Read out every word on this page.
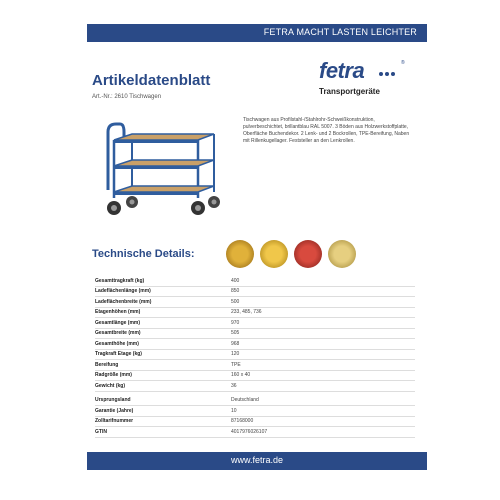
FETRA MACHT LASTEN LEICHTER
Artikeldatenblatt
Art.-Nr.: 2610 Tischwagen
fetra	®
Transportgeräte
Tischwagen aus Profilstahl-/Stahlrohr-Schweißkonstruktion, pulverbeschichtet, brillantblau RAL 5007. 3 Böden aus Holzwerkstoffplatte, Oberfläche Buchendekor. 2 Lenk- und 2 Bockrollen, TPE-Bereifung, Naben mit Rillenkugellager. Feststeller an den Lenkrollen.
Technische Details:
Gesamttragkraft (kg)	400
Ladeflächenlänge (mm)	850
Ladeflächenbreite (mm)	500
Etagenhöhen (mm)	233, 485, 736
Gesamtlänge (mm)	970
Gesamtbreite (mm)	505
Gesamthöhe (mm)	968
Tragkraft Etage (kg)	120
Bereifung	TPE
Radgröße (mm)	160 x 40
Gewicht (kg)	36
Ursprungsland	Deutschland
Garantie (Jahre)	10
Zolltarifnummer	87168000
GTIN	4017976026107
www.fetra.de
